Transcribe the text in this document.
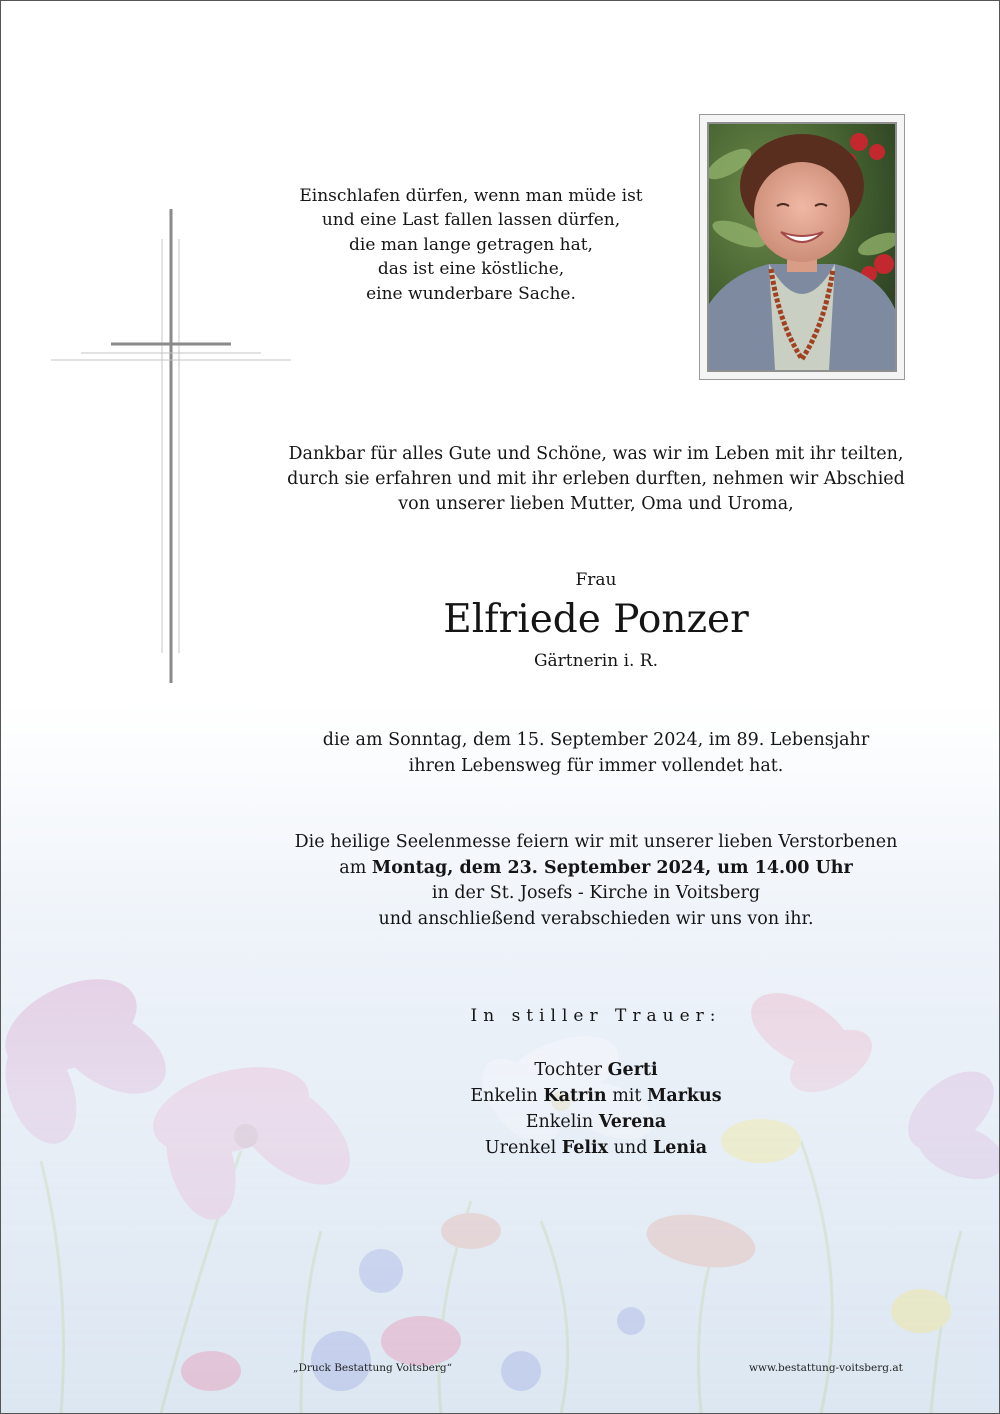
Einschlafen dürfen, wenn man müde ist
und eine Last fallen lassen dürfen,
die man lange getragen hat,
das ist eine köstliche,
eine wunderbare Sache.
Dankbar für alles Gute und Schöne, was wir im Leben mit ihr teilten,
durch sie erfahren und mit ihr erleben durften, nehmen wir Abschied
von unserer lieben Mutter, Oma und Uroma,
Frau
Elfriede Ponzer
Gärtnerin i. R.
die am Sonntag, dem 15. September 2024, im 89. Lebensjahr
ihren Lebensweg für immer vollendet hat.
Die heilige Seelenmesse feiern wir mit unserer lieben Verstorbenen
am Montag, dem 23. September 2024, um 14.00 Uhr
in der St. Josefs - Kirche in Voitsberg
und anschließend verabschieden wir uns von ihr.
In stiller Trauer:
Tochter Gerti
Enkelin Katrin mit Markus
Enkelin Verena
Urenkel Felix und Lenia
„Druck Bestattung Voitsberg“	www.bestattung-voitsberg.at
